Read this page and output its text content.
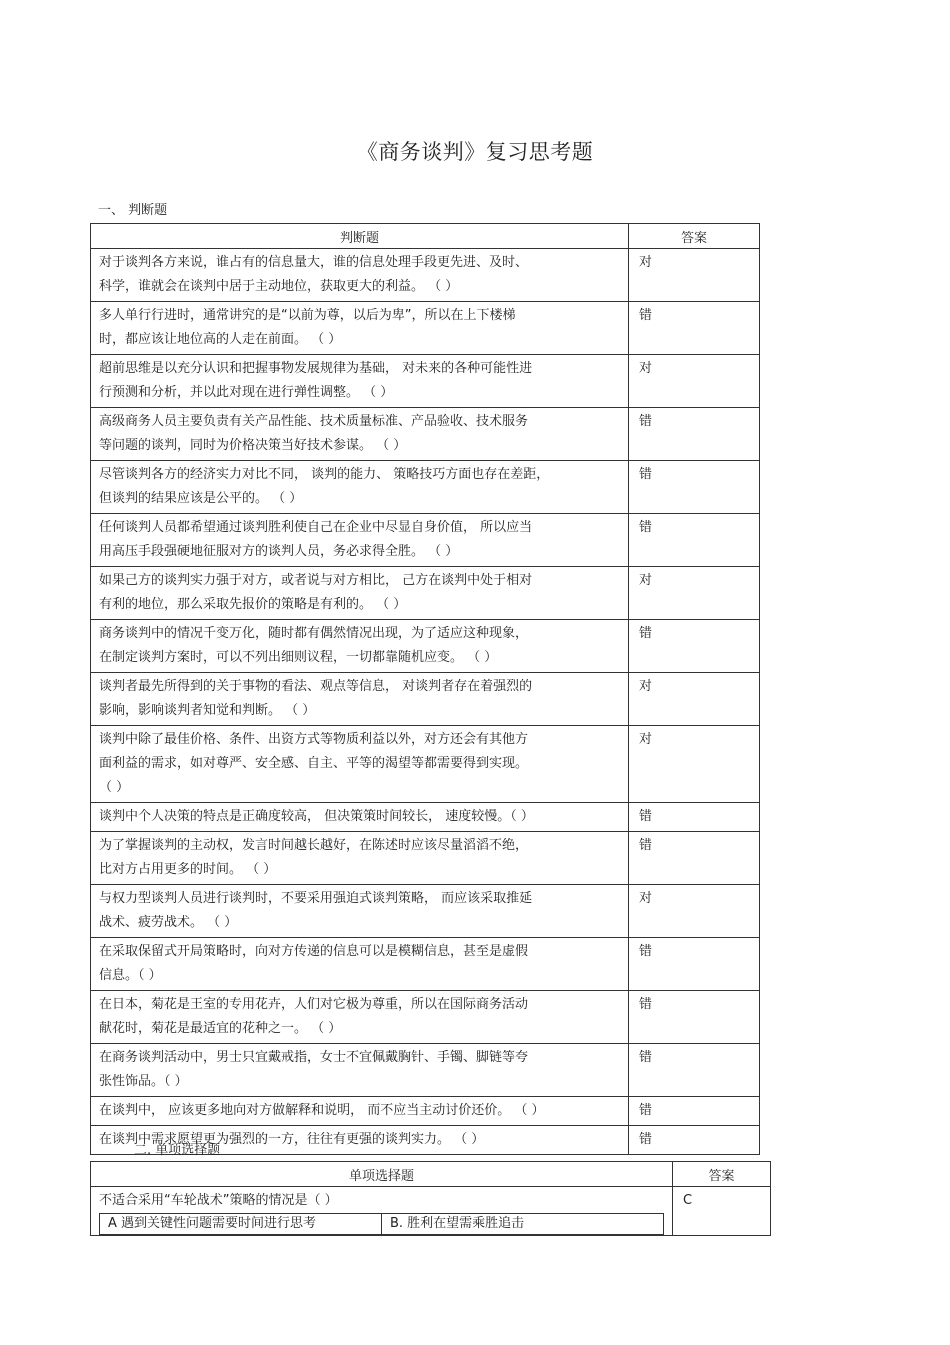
《商务谈判》复习思考题
一、 判断题
判断题	答案

对于谈判各方来说，谁占有的信息量大，谁的信息处理手段更先进、及时、
科学，谁就会在谈判中居于主动地位，获取更大的利益。 （ ）	对

多人单行行进时，通常讲究的是“以前为尊，以后为卑”，所以在上下楼梯
时，都应该让地位高的人走在前面。 （ ）	错

超前思维是以充分认识和把握事物发展规律为基础， 对未来的各种可能性进
行预测和分析，并以此对现在进行弹性调整。 （ ）	对

高级商务人员主要负责有关产品性能、技术质量标准、产品验收、技术服务
等问题的谈判，同时为价格决策当好技术参谋。 （ ）	错

尽管谈判各方的经济实力对比不同， 谈判的能力、 策略技巧方面也存在差距，
但谈判的结果应该是公平的。 （ ）	错

任何谈判人员都希望通过谈判胜利使自己在企业中尽显自身价值， 所以应当
用高压手段强硬地征服对方的谈判人员，务必求得全胜。 （ ）	错

如果己方的谈判实力强于对方，或者说与对方相比， 己方在谈判中处于相对
有利的地位，那么采取先报价的策略是有利的。 （ ）	对

商务谈判中的情况千变万化，随时都有偶然情况出现，为了适应这种现象，
在制定谈判方案时，可以不列出细则议程，一切都靠随机应变。 （ ）	错

谈判者最先所得到的关于事物的看法、观点等信息， 对谈判者存在着强烈的
影响，影响谈判者知觉和判断。 （ ）	对

谈判中除了最佳价格、条件、出资方式等物质利益以外，对方还会有其他方
面利益的需求，如对尊严、安全感、自主、平等的渴望等都需要得到实现。
（ ）	对

谈判中个人决策的特点是正确度较高， 但决策策时间较长， 速度较慢。（ ）	错

为了掌握谈判的主动权，发言时间越长越好，在陈述时应该尽量滔滔不绝，
比对方占用更多的时间。 （ ）	错

与权力型谈判人员进行谈判时，不要采用强迫式谈判策略， 而应该采取推延
战术、疲劳战术。 （ ）	对

在采取保留式开局策略时，向对方传递的信息可以是模糊信息，甚至是虚假
信息。（ ）	错

在日本，菊花是王室的专用花卉，人们对它极为尊重，所以在国际商务活动
献花时，菊花是最适宜的花种之一。 （ ）	错

在商务谈判活动中，男士只宜戴戒指，女士不宜佩戴胸针、手镯、脚链等夸
张性饰品。（ ）	错

在谈判中， 应该更多地向对方做解释和说明， 而不应当主动讨价还价。 （ ）	错

在谈判中需求愿望更为强烈的一方，往往有更强的谈判实力。 （ ）	错
二. 单项选择题
单项选择题	答案

不适合采用“车轮战术”策略的情况是（ ）
A 遇到关键性问题需要时间进行思考	B. 胜利在望需乘胜追击
	C
